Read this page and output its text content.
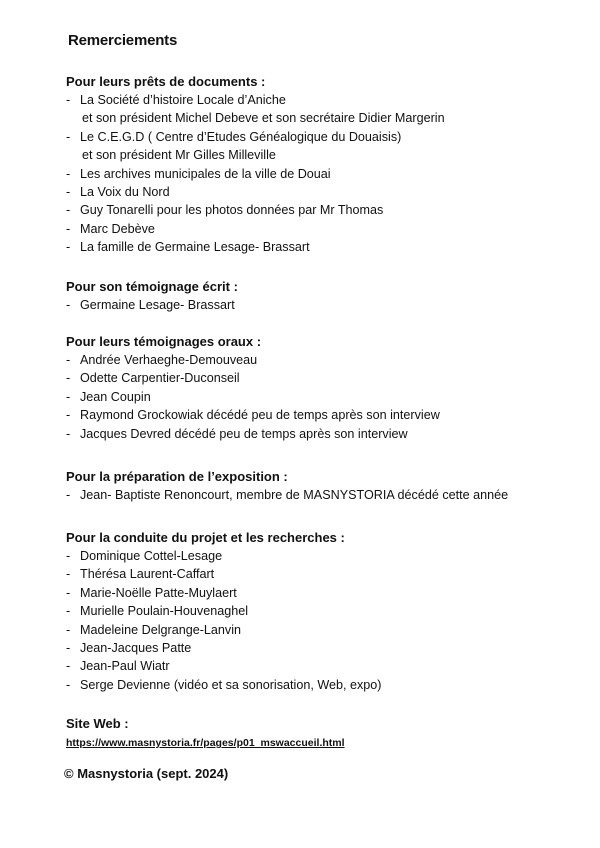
Remerciements

Pour leurs prêts de documents :

- La Société d’histoire Locale d’Aniche
et son président Michel Debeve et son secrétaire Didier Margerin
- Le C.E.G.D ( Centre d’Etudes Généalogique du Douaisis)
et son président Mr Gilles Milleville
- Les archives municipales de la ville de Douai
- La Voix du Nord
- Guy Tonarelli pour les photos données par Mr Thomas
- Marc Debève
- La famille de Germaine Lesage- Brassart

Pour son témoignage écrit :

- Germaine Lesage- Brassart

Pour leurs témoignages oraux :

- Andrée Verhaeghe-Demouveau
- Odette Carpentier-Duconseil
- Jean Coupin
- Raymond Grockowiak décédé peu de temps après son interview
- Jacques Devred décédé peu de temps après son interview

Pour la préparation de l’exposition :

- Jean- Baptiste Renoncourt, membre de MASNYSTORIA décédé cette année

Pour la conduite du projet et les recherches :

- Dominique Cottel-Lesage
- Thérésa Laurent-Caffart
- Marie-Noëlle Patte-Muylaert
- Murielle Poulain-Houvenaghel
- Madeleine Delgrange-Lanvin
- Jean-Jacques Patte
- Jean-Paul Wiatr
- Serge Devienne (vidéo et sa sonorisation, Web, expo)

Site Web :

https://www.masnystoria.fr/pages/p01_mswaccueil.html
© Masnystoria (sept. 2024)
